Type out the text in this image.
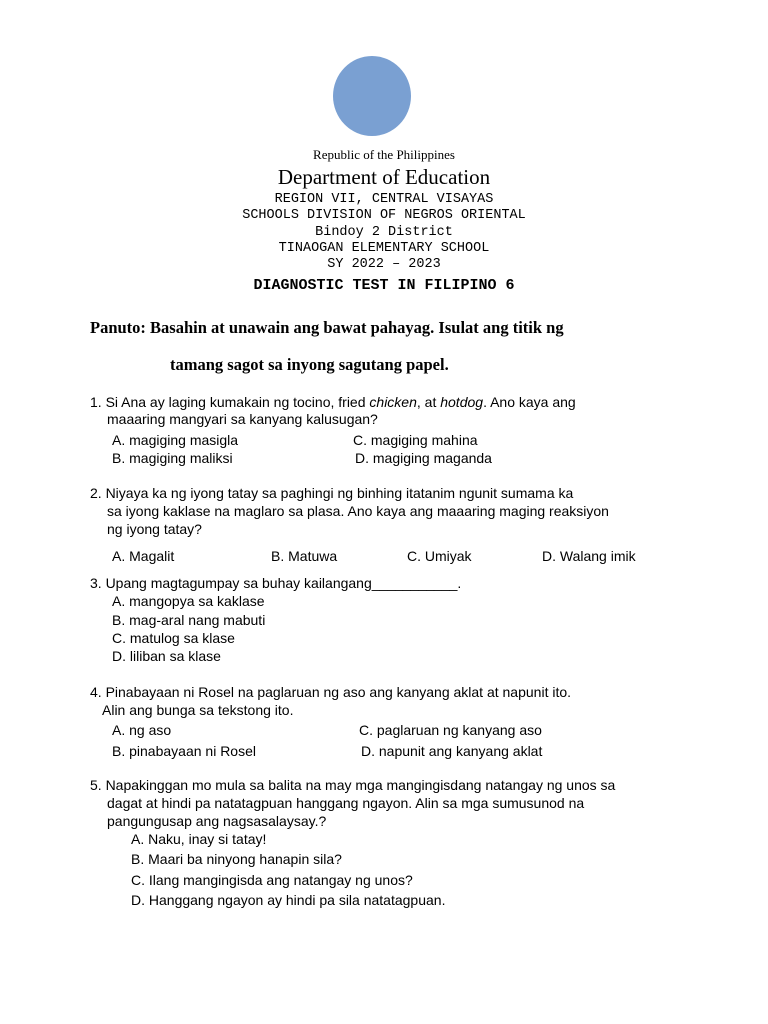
Republic of the Philippines
Department of Education
REGION VII, CENTRAL VISAYAS
SCHOOLS DIVISION OF NEGROS ORIENTAL
Bindoy 2 District
TINAOGAN ELEMENTARY SCHOOL
SY 2022 – 2023
DIAGNOSTIC TEST IN FILIPINO 6
Panuto: Basahin at unawain ang bawat pahayag. Isulat ang titik ng
tamang sagot sa inyong sagutang papel.
1. Si Ana ay laging kumakain ng tocino, fried chicken, at hotdog. Ano kaya ang
maaaring mangyari sa kanyang kalusugan?
A. magiging masigla	C. magiging mahina
B. magiging maliksi	D. magiging maganda
2. Niyaya ka ng iyong tatay sa paghingi ng binhing itatanim ngunit sumama ka
sa iyong kaklase na maglaro sa plasa. Ano kaya ang maaaring maging reaksiyon
ng iyong tatay?
A. Magalit	B. Matuwa	C. Umiyak	D. Walang imik
3. Upang magtagumpay sa buhay kailangang___________.
A. mangopya sa kaklase
B. mag-aral nang mabuti
C. matulog sa klase
D. liliban sa klase
4. Pinabayaan ni Rosel na paglaruan ng aso ang kanyang aklat at napunit ito.
Alin ang bunga sa tekstong ito.
A. ng aso	C. paglaruan ng kanyang aso
B. pinabayaan ni Rosel	D. napunit ang kanyang aklat
5. Napakinggan mo mula sa balita na may mga mangingisdang natangay ng unos sa
dagat at hindi pa natatagpuan hanggang ngayon. Alin sa mga sumusunod na
pangungusap ang nagsasalaysay.?
A. Naku, inay si tatay!
B. Maari ba ninyong hanapin sila?
C. Ilang mangingisda ang natangay ng unos?
D. Hanggang ngayon ay hindi pa sila natatagpuan.
